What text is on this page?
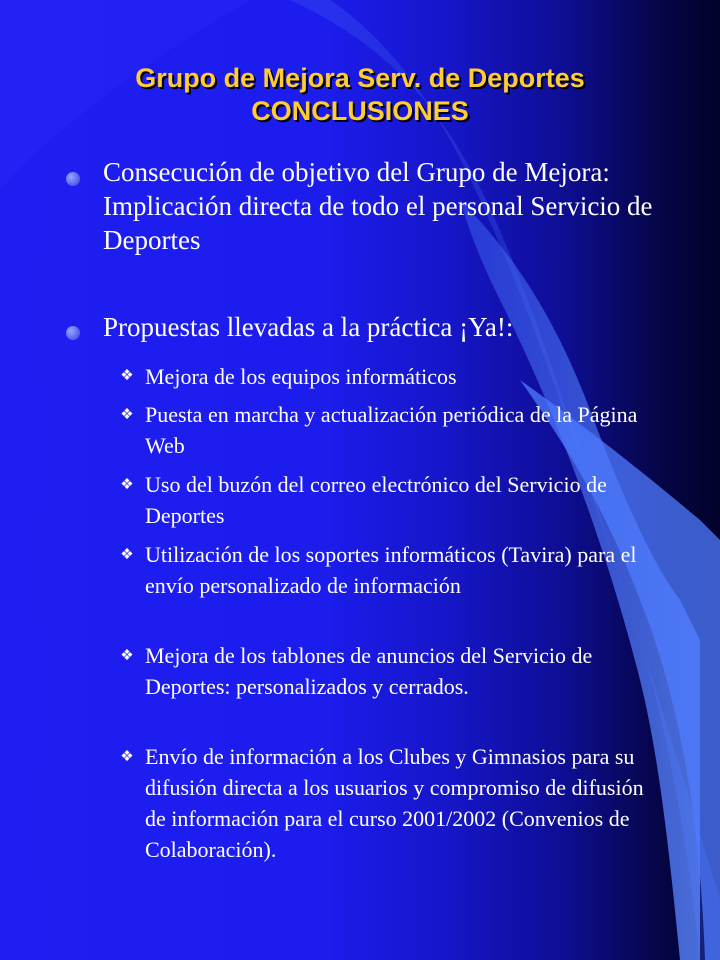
Grupo de Mejora Serv. de Deportes
CONCLUSIONES
Consecución de objetivo del Grupo de Mejora: Implicación directa de todo el personal Servicio de Deportes
Propuestas llevadas a la práctica ¡Ya!:
❖ Mejora de los equipos informáticos
❖ Puesta en marcha y actualización periódica de la Página Web
❖ Uso del buzón del correo electrónico del Servicio de Deportes
❖ Utilización de los soportes informáticos (Tavira) para el envío personalizado de información
❖ Mejora de los tablones de anuncios del Servicio de Deportes: personalizados y cerrados.
❖ Envío de información a los Clubes y Gimnasios para su difusión directa a los usuarios y compromiso de difusión de información para el curso 2001/2002 (Convenios de Colaboración).
